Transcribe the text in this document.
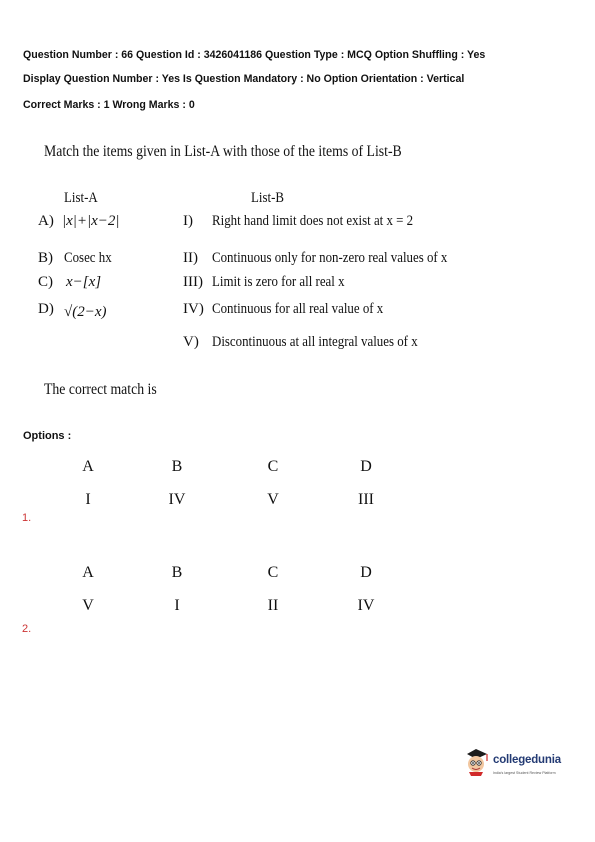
Question Number : 66 Question Id : 3426041186 Question Type : MCQ Option Shuffling : Yes
Display Question Number : Yes Is Question Mandatory : No Option Orientation : Vertical
Correct Marks : 1 Wrong Marks : 0
Match the items given in List-A with those of the items of List-B
List-A	List-B
A) |x|+|x−2|
B) Cosec hx
C) x−[x]
D) √(2−x)
I) Right hand limit does not exist at x = 2
II) Continuous only for non-zero real values of x
III) Limit is zero for all real x
IV) Continuous for all real value of x
V) Discontinuous at all integral values of x
The correct match is
Options :
A	B	C	D
I	IV	V	III
1.
A	B	C	D
V	I	II	IV
2.
collegedunia
India's largest Student Review Platform
